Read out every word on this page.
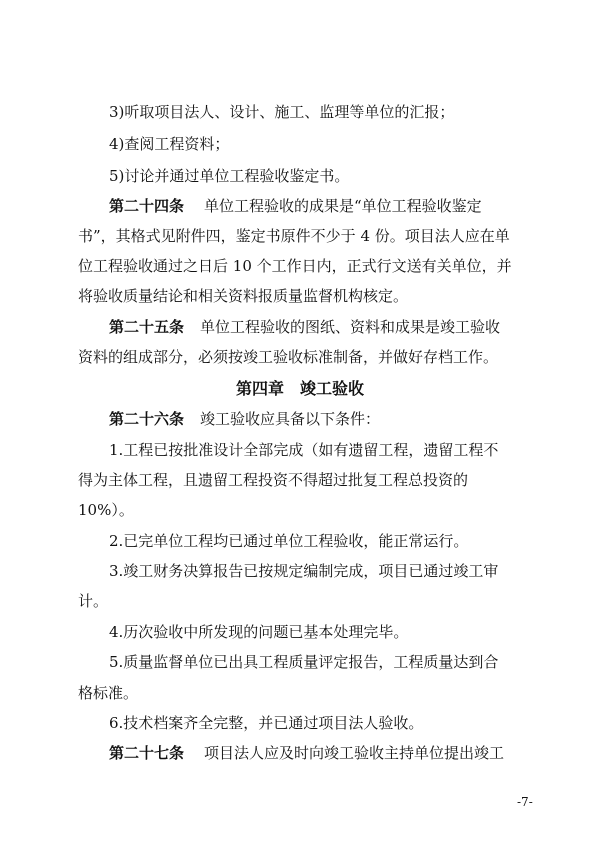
3)听取项目法人、设计、施工、监理等单位的汇报；
4)查阅工程资料；
5)讨论并通过单位工程验收鉴定书。
第二十四条 单位工程验收的成果是“单位工程验收鉴定
书”，其格式见附件四，鉴定书原件不少于 4 份。项目法人应在单
位工程验收通过之日后 10 个工作日内，正式行文送有关单位，并
将验收质量结论和相关资料报质量监督机构核定。
第二十五条 单位工程验收的图纸、资料和成果是竣工验收
资料的组成部分，必须按竣工验收标准制备，并做好存档工作。
第四章　竣工验收
第二十六条 竣工验收应具备以下条件：
1.工程已按批准设计全部完成（如有遗留工程，遗留工程不
得为主体工程，且遗留工程投资不得超过批复工程总投资的
10%）。
2.已完单位工程均已通过单位工程验收，能正常运行。
3.竣工财务决算报告已按规定编制完成，项目已通过竣工审
计。
4.历次验收中所发现的问题已基本处理完毕。
5.质量监督单位已出具工程质量评定报告，工程质量达到合
格标准。
6.技术档案齐全完整，并已通过项目法人验收。
第二十七条 项目法人应及时向竣工验收主持单位提出竣工
-7-
